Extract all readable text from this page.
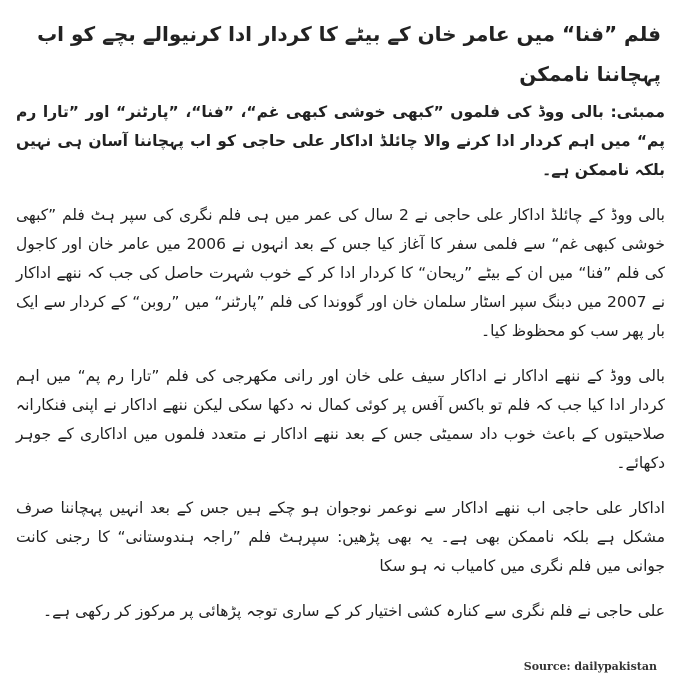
فلم ”فنا“ میں عامر خان کے بیٹے کا کردار ادا کرنیوالے بچے کو اب پہچاننا ناممکن

ممبئی: بالی ووڈ کی فلموں ”کبھی خوشی کبھی غم“، ”فنا“، ”پارٹنر“ اور ”تارا رم پم“ میں اہم کردار ادا کرنے والا چائلڈ اداکار علی حاجی کو اب پہچاننا آسان ہی نہیں بلکہ ناممکن ہے۔

بالی ووڈ کے چائلڈ اداکار علی حاجی نے 2 سال کی عمر میں ہی فلم نگری کی سپر ہٹ فلم ”کبھی خوشی کبھی غم“ سے فلمی سفر کا آغاز کیا جس کے بعد انہوں نے 2006 میں عامر خان اور کاجول کی فلم ”فنا“ میں ان کے بیٹے ”ریحان“ کا کردار ادا کر کے خوب شہرت حاصل کی جب کہ ننھے اداکار نے 2007 میں دبنگ سپر اسٹار سلمان خان اور گووندا کی فلم ”پارٹنر“ میں ”روبن“ کے کردار سے ایک بار پھر سب کو محظوظ کیا۔

بالی ووڈ کے ننھے اداکار نے اداکار سیف علی خان اور رانی مکھرجی کی فلم ”تارا رم پم“ میں اہم کردار ادا کیا جب کہ فلم تو باکس آفس پر کوئی کمال نہ دکھا سکی لیکن ننھے اداکار نے اپنی فنکارانہ صلاحیتوں کے باعث خوب داد سمیٹی جس کے بعد ننھے اداکار نے متعدد فلموں میں اداکاری کے جوہر دکھائے۔

اداکار علی حاجی اب ننھے اداکار سے نوعمر نوجوان ہو چکے ہیں جس کے بعد انہیں پہچاننا صرف مشکل ہے بلکہ ناممکن بھی ہے۔ یہ بھی پڑھیں: سپرہٹ فلم ”راجہ ہندوستانی“ کا رجنی کانت جوانی میں فلم نگری میں کامیاب نہ ہو سکا

علی حاجی نے فلم نگری سے کنارہ کشی اختیار کر کے ساری توجہ پڑھائی پر مرکوز کر رکھی ہے۔

Source: dailypakistan
